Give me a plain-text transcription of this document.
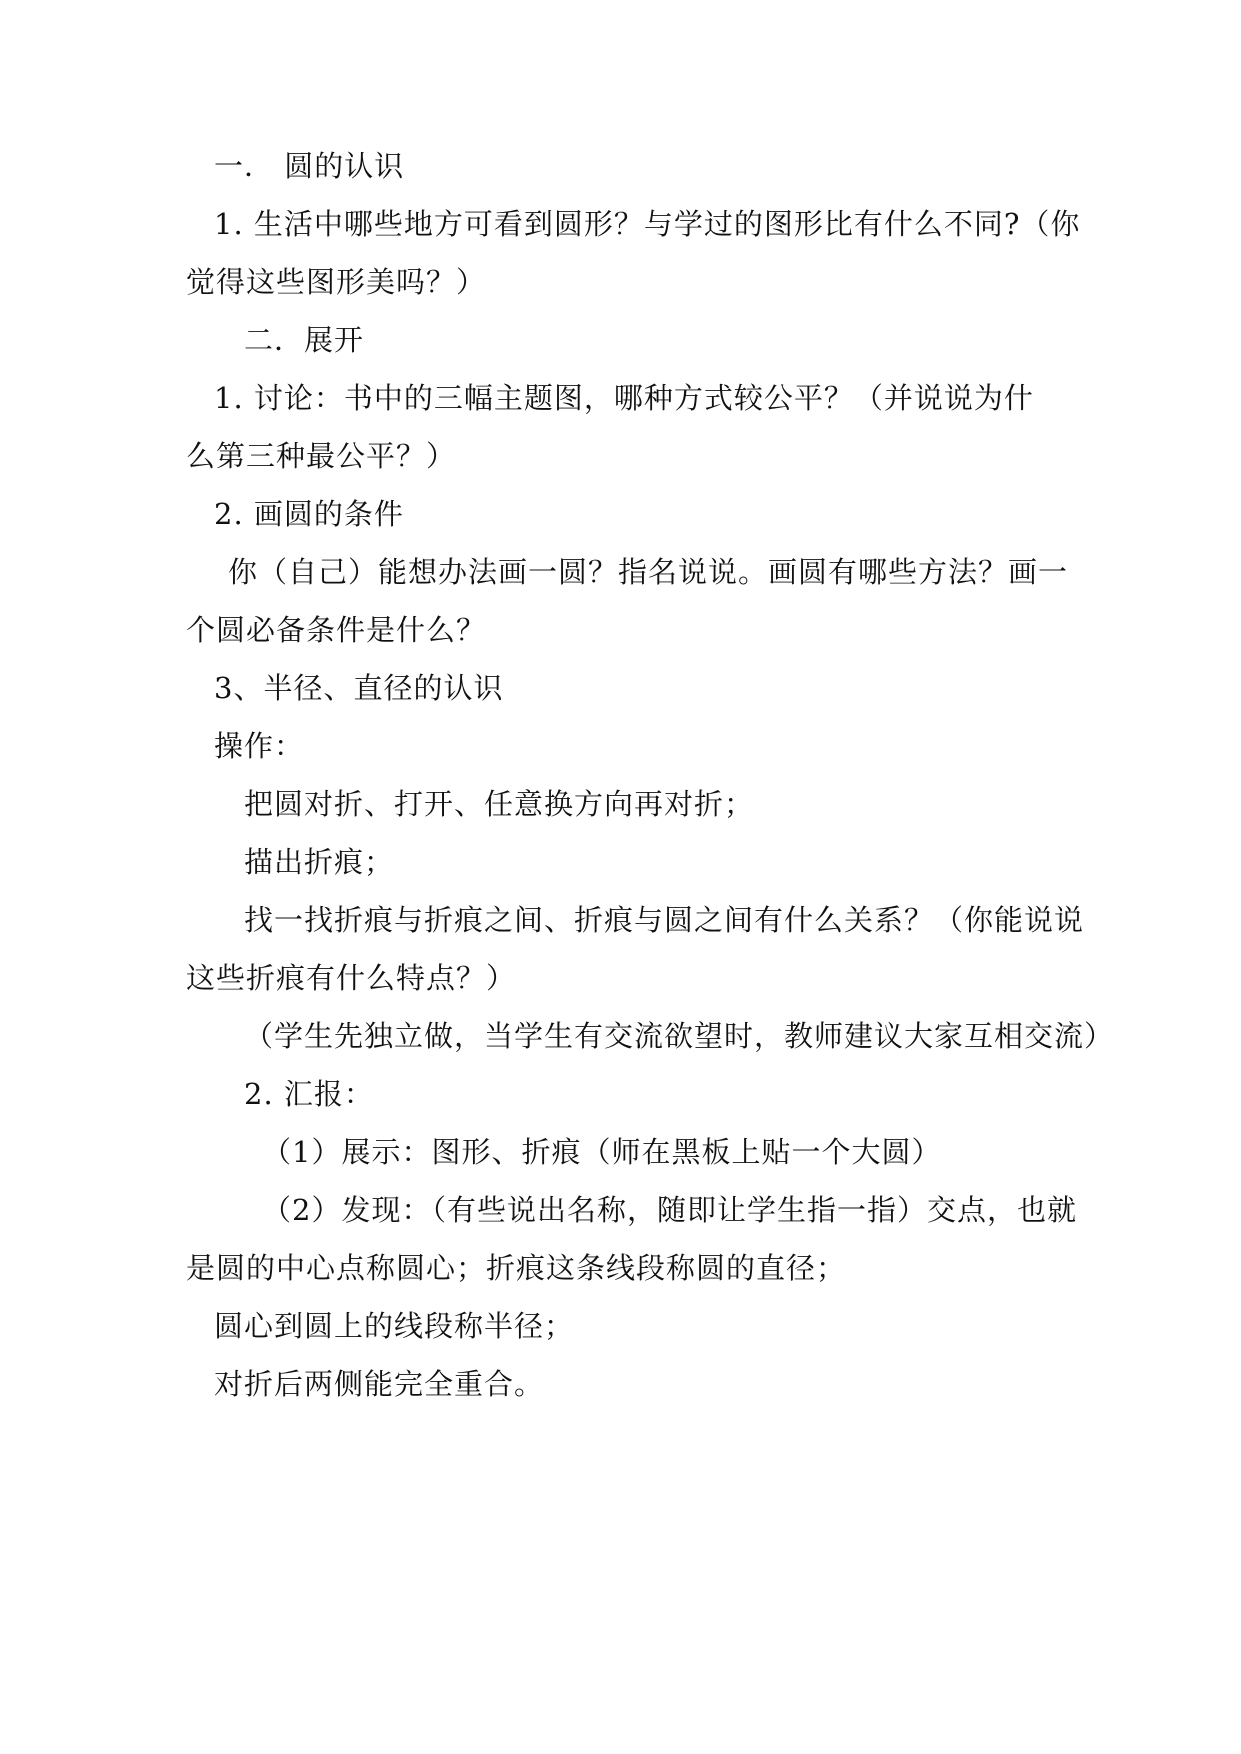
一． 圆的认识
1. 生活中哪些地方可看到圆形？与学过的图形比有什么不同?（你
觉得这些图形美吗？）
二．展开
1. 讨论：书中的三幅主题图，哪种方式较公平？（并说说为什
么第三种最公平？）
2. 画圆的条件
你（自己）能想办法画一圆？指名说说。画圆有哪些方法？画一
个圆必备条件是什么？
3、半径、直径的认识
操作：
把圆对折、打开、任意换方向再对折；
描出折痕；
找一找折痕与折痕之间、折痕与圆之间有什么关系？（你能说说
这些折痕有什么特点？）
（学生先独立做，当学生有交流欲望时，教师建议大家互相交流）
2. 汇报：
（1）展示：图形、折痕（师在黑板上贴一个大圆）
（2）发现：（有些说出名称，随即让学生指一指）交点，也就
是圆的中心点称圆心；折痕这条线段称圆的直径；
圆心到圆上的线段称半径；
对折后两侧能完全重合。
